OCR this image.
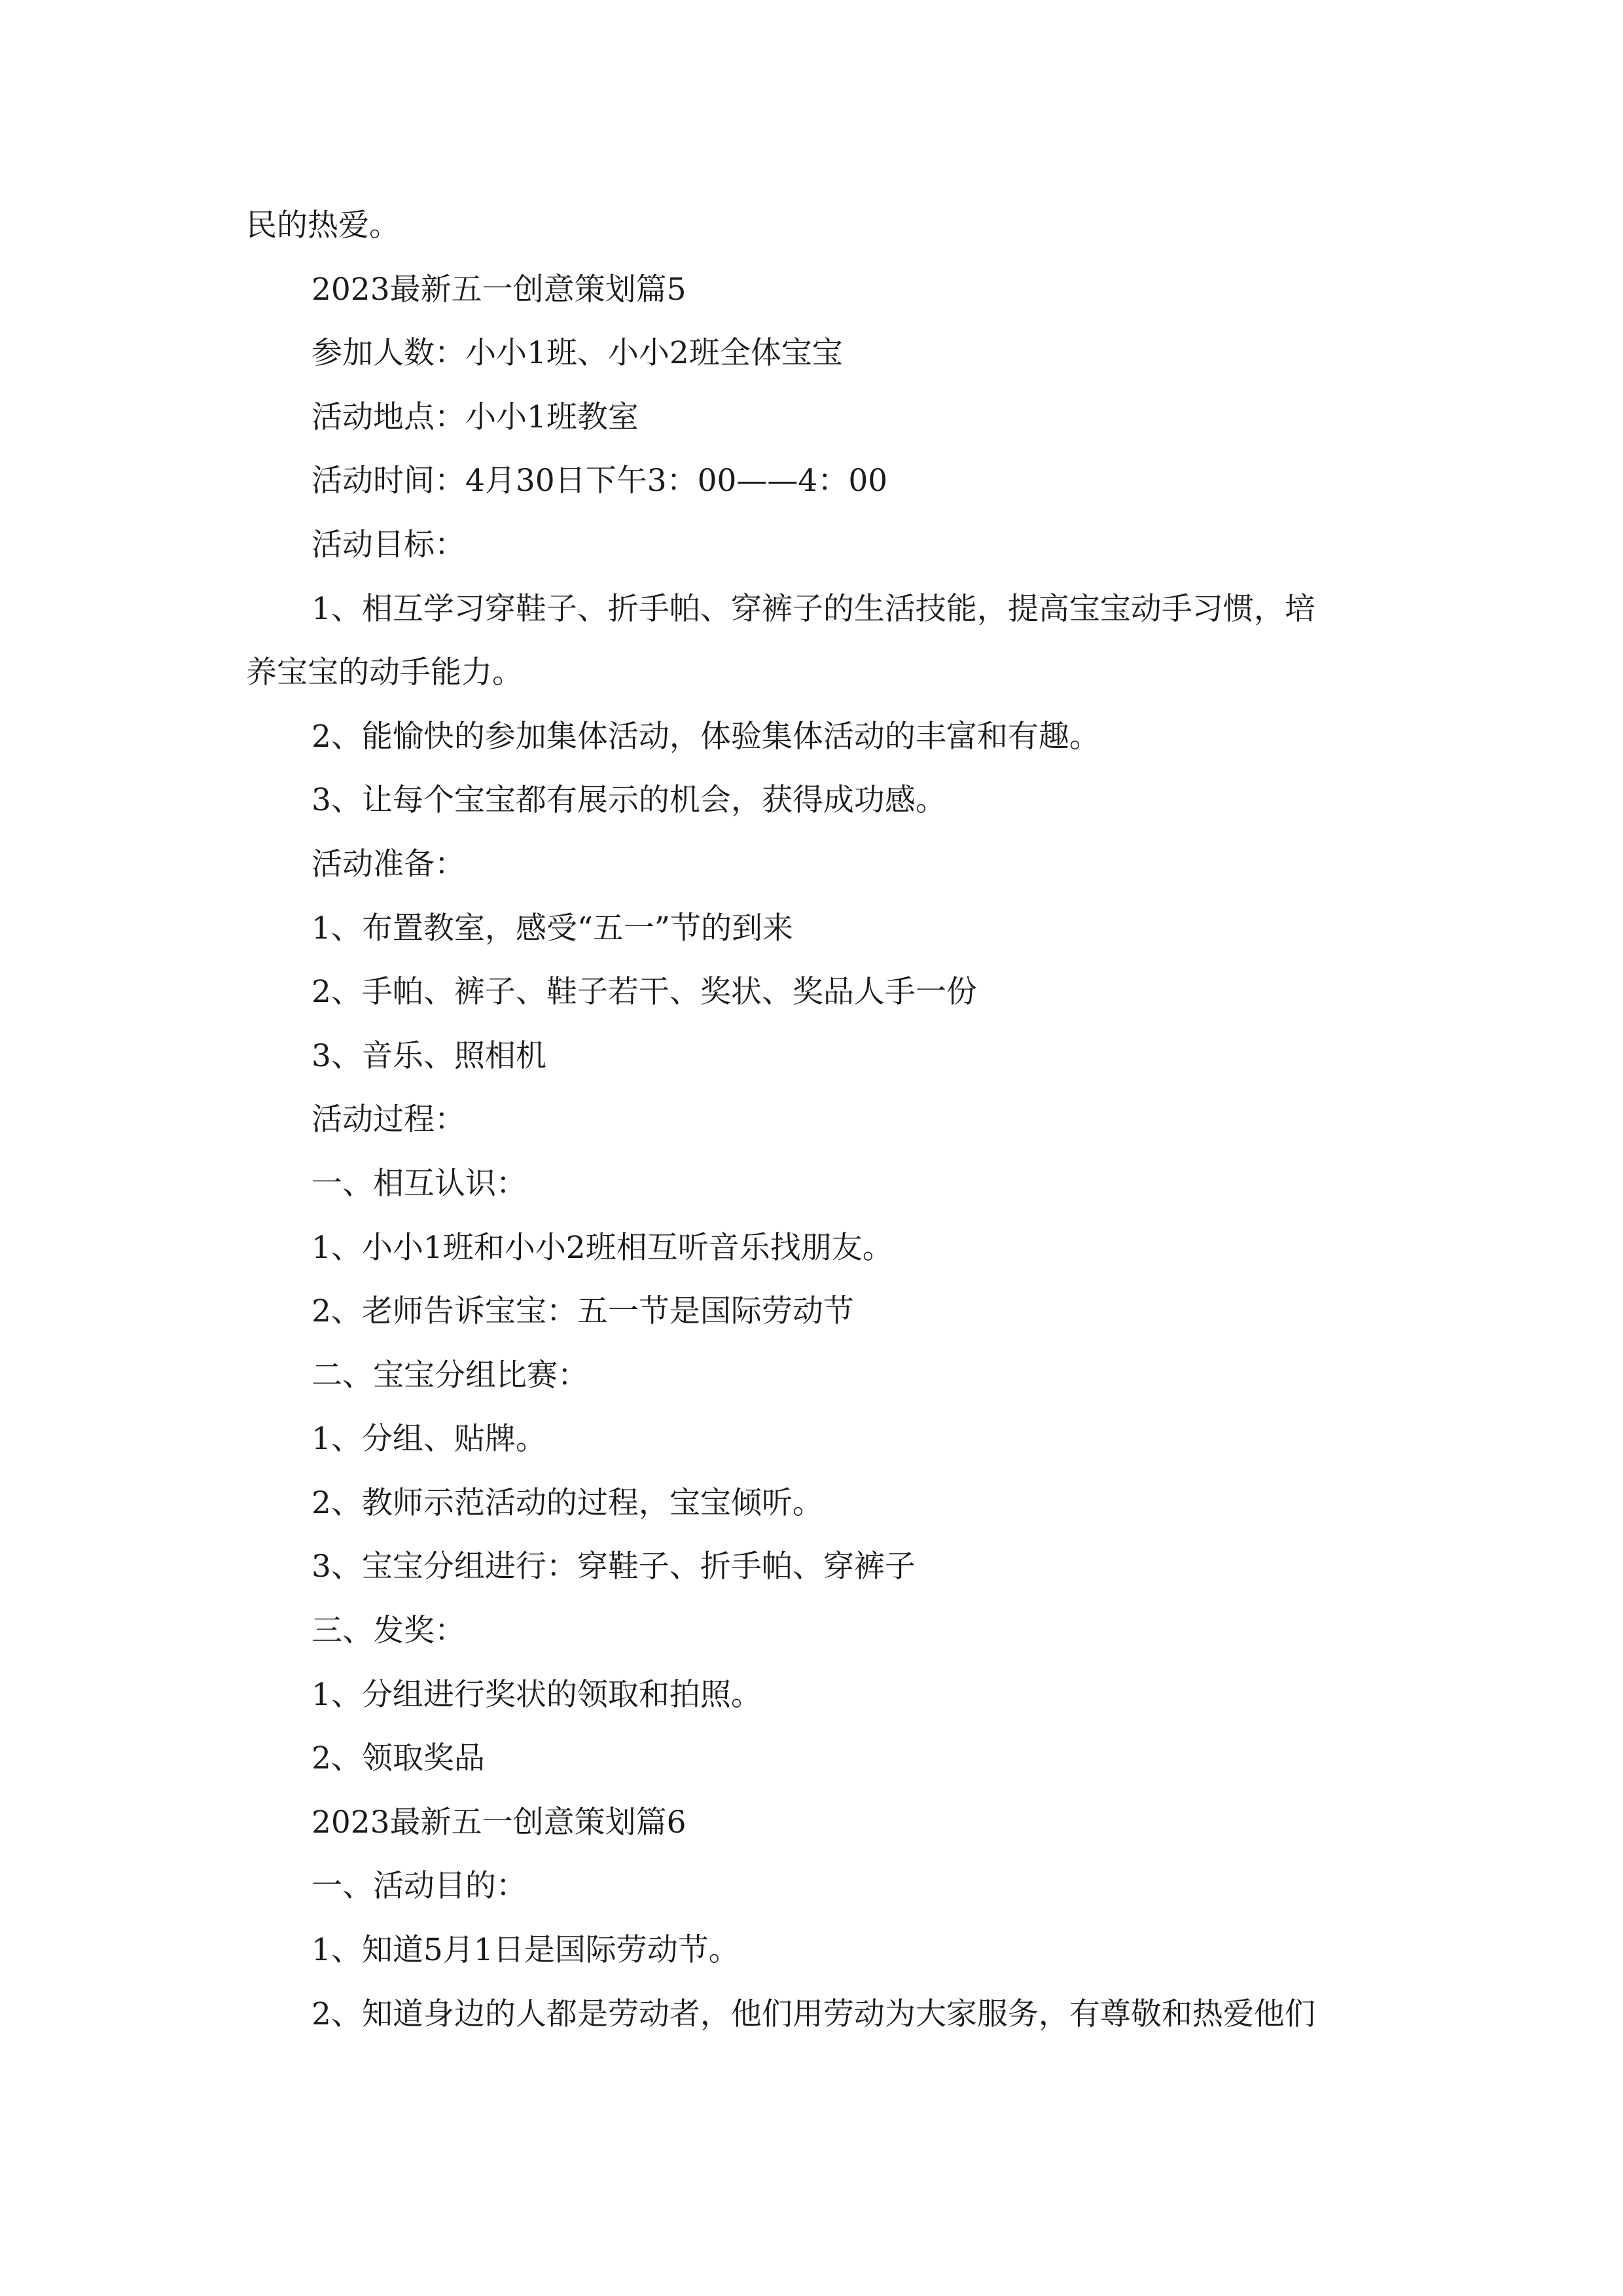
民的热爱。
2023最新五一创意策划篇5
参加人数：小小1班、小小2班全体宝宝
活动地点：小小1班教室
活动时间：4月30日下午3：00——4：00
活动目标：
1、相互学习穿鞋子、折手帕、穿裤子的生活技能，提高宝宝动手习惯，培
养宝宝的动手能力。
2、能愉快的参加集体活动，体验集体活动的丰富和有趣。
3、让每个宝宝都有展示的机会，获得成功感。
活动准备：
1、布置教室，感受“五一”节的到来
2、手帕、裤子、鞋子若干、奖状、奖品人手一份
3、音乐、照相机
活动过程：
一、相互认识：
1、小小1班和小小2班相互听音乐找朋友。
2、老师告诉宝宝：五一节是国际劳动节
二、宝宝分组比赛：
1、分组、贴牌。
2、教师示范活动的过程，宝宝倾听。
3、宝宝分组进行：穿鞋子、折手帕、穿裤子
三、发奖：
1、分组进行奖状的领取和拍照。
2、领取奖品
2023最新五一创意策划篇6
一、活动目的：
1、知道5月1日是国际劳动节。
2、知道身边的人都是劳动者，他们用劳动为大家服务，有尊敬和热爱他们
